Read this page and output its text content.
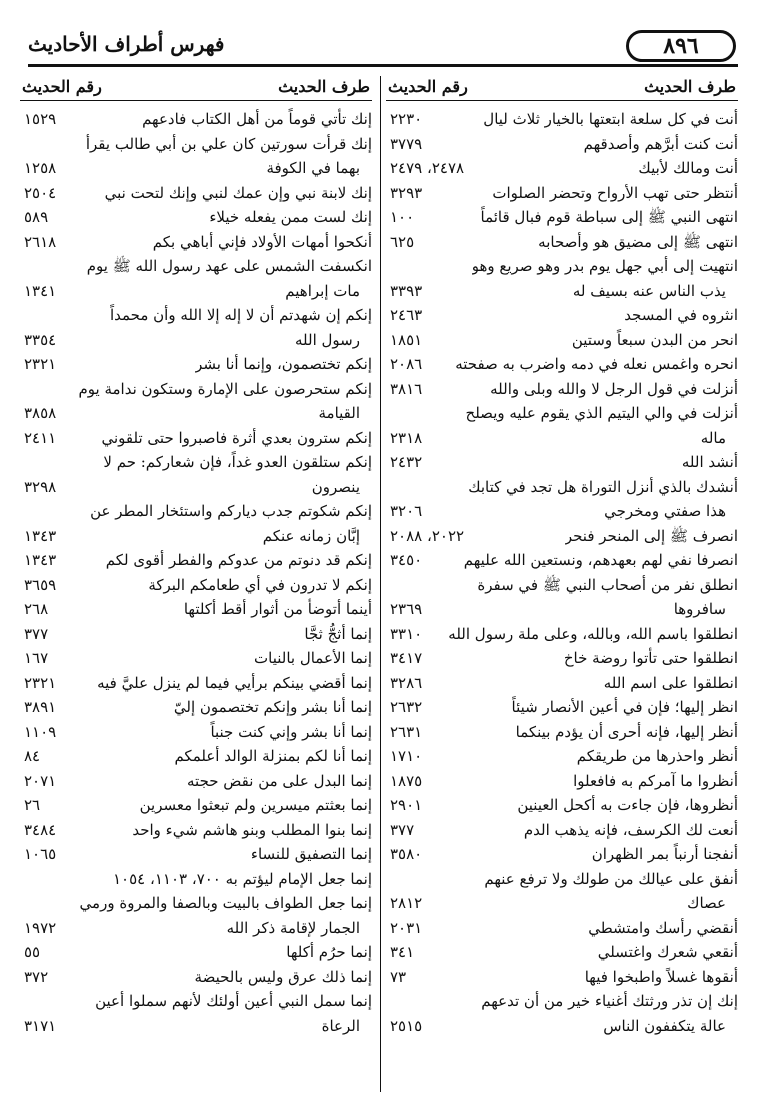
فهرس أطراف الأحاديث	٨٩٦
طرف الحديث
رقم الحديث
أنت في كل سلعة ابتعتها بالخيار ثلاث ليال
٢٢٣٠
أنت كنت أبرَّهم وأصدقهم
٣٧٧٩
أنت ومالك لأبيك
٢٤٧٨، ٢٤٧٩
أنتظر حتى تهب الأرواح وتحضر الصلوات
٣٢٩٣
انتهى النبي ﷺ إلى سباطة قوم فبال قائماً
١٠٠
انتهى ﷺ إلى مضيق هو وأصحابه
٦٢٥
انتهيت إلى أبي جهل يوم بدر وهو صريع وهو
يذب الناس عنه بسيف له
٣٣٩٣
انثروه في المسجد
٢٤٦٣
انحر من البدن سبعاً وستين
١٨٥١
انحره واغمس نعله في دمه واضرب به صفحته
٢٠٨٦
أنزلت في قول الرجل لا والله وبلى والله
٣٨١٦
أنزلت في والي اليتيم الذي يقوم عليه ويصلح
ماله
٢٣١٨
أنشد الله
٢٤٣٢
أنشدك بالذي أنزل التوراة هل تجد في كتابك
هذا صفتي ومخرجي
٣٢٠٦
انصرف ﷺ إلى المنحر فنحر
٢٠٢٢، ٢٠٨٨
انصرفا نفي لهم بعهدهم، ونستعين الله عليهم
٣٤٥٠
انطلق نفر من أصحاب النبي ﷺ في سفرة
سافروها
٢٣٦٩
انطلقوا باسم الله، وبالله، وعلى ملة رسول الله
٣٣١٠
انطلقوا حتى تأتوا روضة خاخ
٣٤١٧
انطلقوا على اسم الله
٣٢٨٦
انظر إليها؛ فإن في أعين الأنصار شيئاً
٢٦٣٢
أنظر إليها، فإنه أحرى أن يؤدم بينكما
٢٦٣١
أنظر واحذرها من طريقكم
١٧١٠
أنظروا ما آمركم به فافعلوا
١٨٧٥
أنظروها، فإن جاءت به أكحل العينين
٢٩٠١
أنعت لك الكرسف، فإنه يذهب الدم
٣٧٧
أنفجنا أرنباً بمر الظهران
٣٥٨٠
أنفق على عيالك من طولك ولا ترفع عنهم
عصاك
٢٨١٢
أنقضي رأسك وامتشطي
٢٠٣١
أنقعي شعرك واغتسلي
٣٤١
أنقوها غسلاً واطبخوا فيها
٧٣
إنك إن تذر ورثتك أغنياء خير من أن تدعهم
عالة يتكففون الناس
٢٥١٥
طرف الحديث
رقم الحديث
إنك تأتي قوماً من أهل الكتاب فادعهم
١٥٢٩
إنك قرأت سورتين كان علي بن أبي طالب يقرأ
بهما في الكوفة
١٢٥٨
إنك لابنة نبي وإن عمك لنبي وإنك لتحت نبي
٢٥٠٤
إنك لست ممن يفعله خيلاء
٥٨٩
أنكحوا أمهات الأولاد فإني أباهي بكم
٢٦١٨
انكسفت الشمس على عهد رسول الله ﷺ يوم
مات إبراهيم
١٣٤١
إنكم إن شهدتم أن لا إله إلا الله وأن محمداً
رسول الله
٣٣٥٤
إنكم تختصمون، وإنما أنا بشر
٢٣٢١
إنكم ستحرصون على الإمارة وستكون ندامة يوم
القيامة
٣٨٥٨
إنكم سترون بعدي أثرة فاصبروا حتى تلقوني
٢٤١١
إنكم ستلقون العدو غداً، فإن شعاركم: حم لا
ينصرون
٣٢٩٨
إنكم شكوتم جدب دياركم واستئخار المطر عن
إبَّان زمانه عنكم
١٣٤٣
إنكم قد دنوتم من عدوكم والفطر أقوى لكم
١٣٤٣
إنكم لا تدرون في أي طعامكم البركة
٣٦٥٩
أينما أتوضأ من أثوار أقط أكلتها
٢٦٨
إنما أثجُّ ثجَّا
٣٧٧
إنما الأعمال بالنيات
١٦٧
إنما أقضي بينكم برأيي فيما لم ينزل عليَّ فيه
٢٣٢١
إنما أنا بشر وإنكم تختصمون إليّ
٣٨٩١
إنما أنا بشر وإني كنت جنباً
١١٠٩
إنما أنا لكم بمنزلة الوالد أعلمكم
٨٤
إنما البدل على من نقض حجته
٢٠٧١
إنما بعثتم ميسرين ولم تبعثوا معسرين
٢٦
إنما بنوا المطلب وبنو هاشم شيء واحد
٣٤٨٤
إنما التصفيق للنساء
١٠٦٥
إنما جعل الإمام ليؤتم به ٧٠٠، ١١٠٣، ١٠٥٤
إنما جعل الطواف بالبيت وبالصفا والمروة ورمي
الجمار لإقامة ذكر الله
١٩٧٢
إنما حرُم أكلها
٥٥
إنما ذلك عرق وليس بالحيضة
٣٧٢
إنما سمل النبي أعين أولئك لأنهم سملوا أعين
الرعاة
٣١٧١
